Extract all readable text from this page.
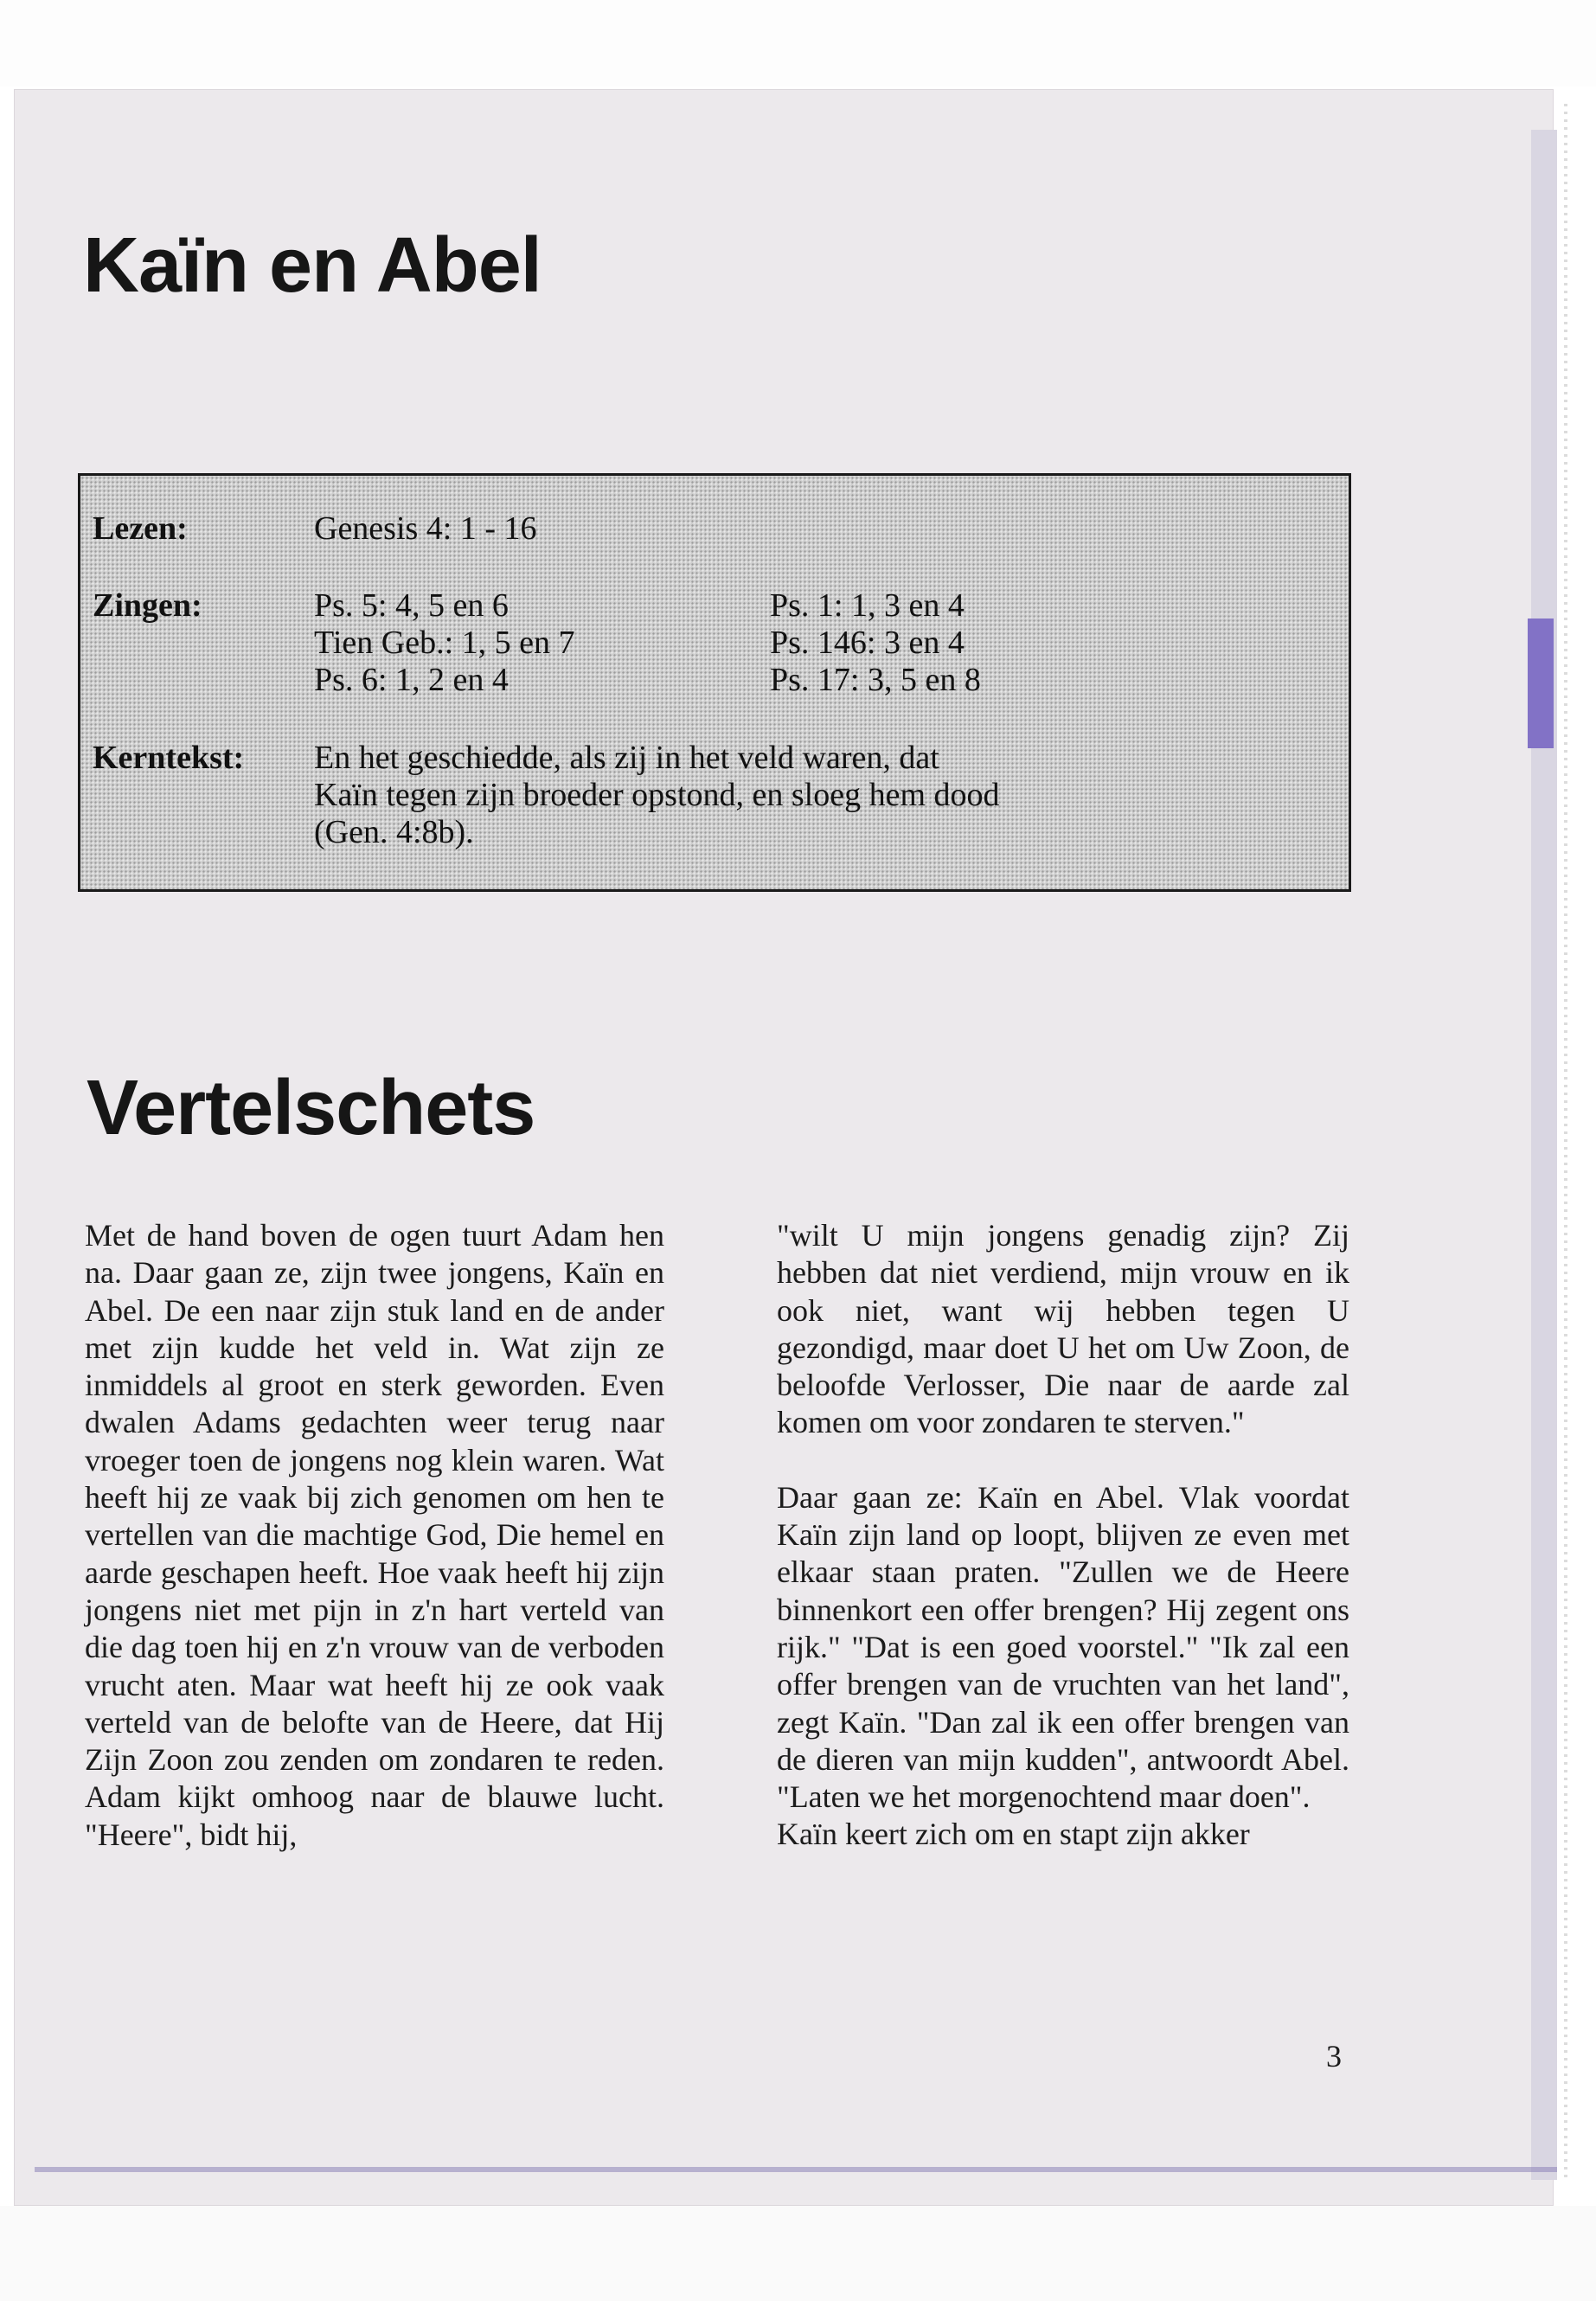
Kaïn en Abel
Lezen:	Genesis 4: 1 - 16
Zingen:	Ps. 5: 4, 5 en 6
Tien Geb.: 1, 5 en 7
Ps. 6: 1, 2 en 4
Ps. 1: 1, 3 en 4
Ps. 146: 3 en 4
Ps. 17: 3, 5 en 8
Kerntekst: En het geschiedde, als zij in het veld waren, dat
Kaïn tegen zijn broeder opstond, en sloeg hem dood
(Gen. 4:8b).
Vertelschets

Met de hand boven de ogen tuurt Adam hen na. Daar gaan ze, zijn twee jongens, Kaïn en Abel. De een naar zijn stuk land en de ander met zijn kudde het veld in. Wat zijn ze inmiddels al groot en sterk geworden. Even dwalen Adams gedachten weer terug naar vroeger toen de jongens nog klein waren. Wat heeft hij ze vaak bij zich genomen om hen te vertellen van die machtige God, Die hemel en aarde geschapen heeft. Hoe vaak heeft hij zijn jongens niet met pijn in z'n hart verteld van die dag toen hij en z'n vrouw van de verboden vrucht aten. Maar wat heeft hij ze ook vaak verteld van de belofte van de Heere, dat Hij Zijn Zoon zou zenden om zondaren te reden. Adam kijkt omhoog naar de blauwe lucht. "Heere", bidt hij,

"wilt U mijn jongens genadig zijn? Zij hebben dat niet verdiend, mijn vrouw en ik ook niet, want wij hebben tegen U gezondigd, maar doet U het om Uw Zoon, de beloofde Verlosser, Die naar de aarde zal komen om voor zondaren te sterven."

Daar gaan ze: Kaïn en Abel. Vlak voordat Kaïn zijn land op loopt, blijven ze even met elkaar staan praten. "Zullen we de Heere binnenkort een offer brengen? Hij zegent ons rijk." "Dat is een goed voorstel." "Ik zal een offer brengen van de vruchten van het land", zegt Kaïn. "Dan zal ik een offer brengen van de dieren van mijn kudden", antwoordt Abel. "Laten we het morgenochtend maar doen".

Kaïn keert zich om en stapt zijn akker

3
